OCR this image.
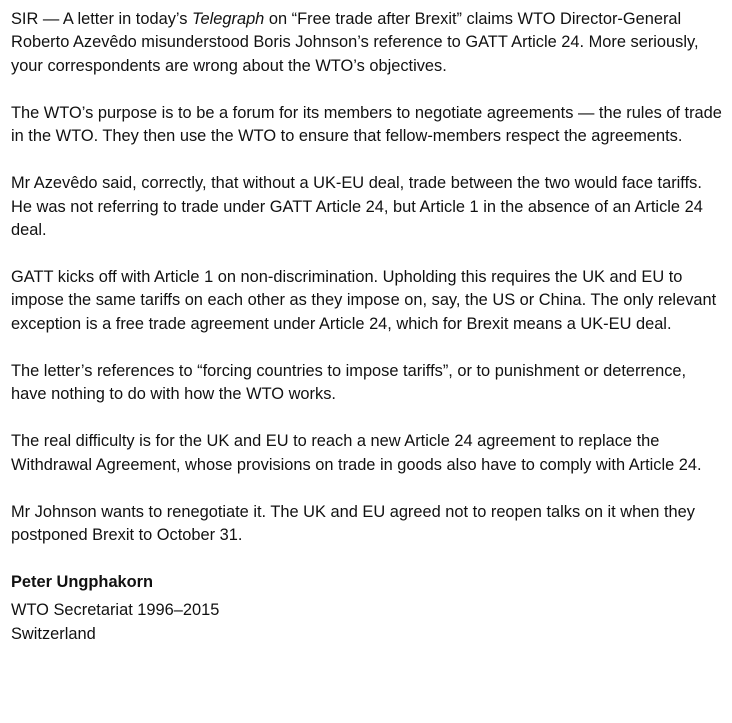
SIR — A letter in today’s Telegraph on “Free trade after Brexit” claims WTO Director-General Roberto Azevêdo misunderstood Boris Johnson’s reference to GATT Article 24. More seriously, your correspondents are wrong about the WTO’s objectives.

The WTO’s purpose is to be a forum for its members to negotiate agreements — the rules of trade in the WTO. They then use the WTO to ensure that fellow-members respect the agreements.

Mr Azevêdo said, correctly, that without a UK-EU deal, trade between the two would face tariffs. He was not referring to trade under GATT Article 24, but Article 1 in the absence of an Article 24 deal.

GATT kicks off with Article 1 on non-discrimination. Upholding this requires the UK and EU to impose the same tariffs on each other as they impose on, say, the US or China. The only relevant exception is a free trade agreement under Article 24, which for Brexit means a UK-EU deal.

The letter’s references to “forcing countries to impose tariffs”, or to punishment or deterrence, have nothing to do with how the WTO works.

The real difficulty is for the UK and EU to reach a new Article 24 agreement to replace the Withdrawal Agreement, whose provisions on trade in goods also have to comply with Article 24.

Mr Johnson wants to renegotiate it. The UK and EU agreed not to reopen talks on it when they postponed Brexit to October 31.

Peter Ungphakorn
WTO Secretariat 1996–2015
Switzerland
